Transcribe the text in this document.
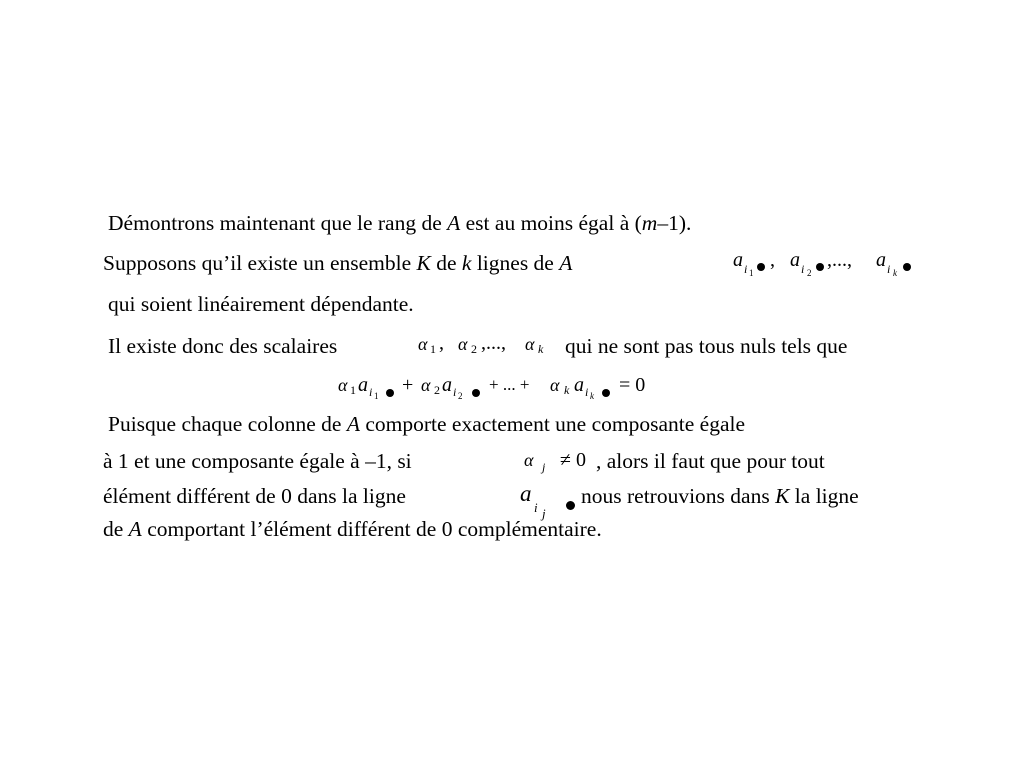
Démontrons maintenant que le rang de A est au moins égal à (m–1).
Supposons qu’il existe un ensemble K de k lignes de A	a i 1
, a i 2
,..., a i k
qui soient linéairement dépendante.
Il existe donc des scalaires	α 1 , α 2 ,..., α k qui ne sont pas tous nuls tels que
α 1 a i 1 + α 2 a i 2
+ ... + α k a i k = 0
Puisque chaque colonne de A comporte exactement une composante égale
à 1 et une composante égale à –1, si	α j ≠ 0 , alors il faut que pour tout
élément différent de 0 dans la ligne	a
i j
nous retrouvions dans K la ligne
de A comportant l’élément différent de 0 complémentaire.
